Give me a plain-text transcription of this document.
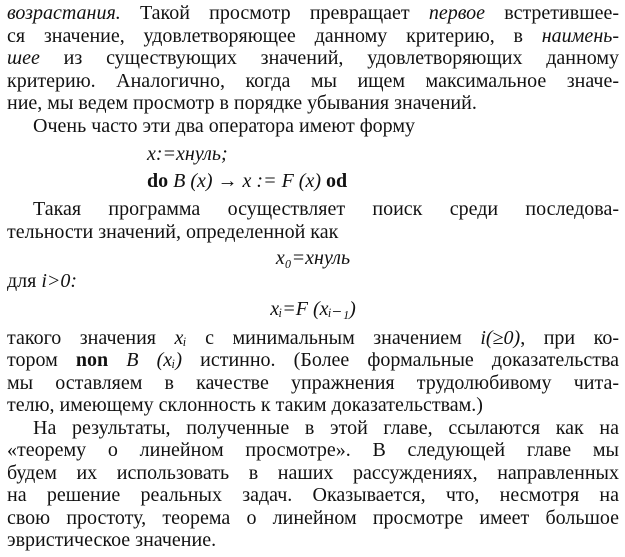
возрастания. Такой просмотр превращает первое встретившее-
ся значение, удовлетворяющее данному критерию, в наимень-
шее из существующих значений, удовлетворяющих данному
критерию. Аналогично, когда мы ищем максимальное значе-
ние, мы ведем просмотр в порядке убывания значений.
Очень часто эти два оператора имеют форму
x:=хнуль;
do B (x) → x := F (x) od
Такая программа осуществляет поиск среди последова-
тельности значений, определенной как
x₀=хнуль
для i>0:
xᵢ=F (xᵢ₋₁)
такого значения xᵢ с минимальным значением i(≥0), при ко-
тором non B (xᵢ) истинно. (Более формальные доказательства
мы оставляем в качестве упражнения трудолюбивому чита-
телю, имеющему склонность к таким доказательствам.)
На результаты, полученные в этой главе, ссылаются как на
«теорему о линейном просмотре». В следующей главе мы
будем их использовать в наших рассуждениях, направленных
на решение реальных задач. Оказывается, что, несмотря на
свою простоту, теорема о линейном просмотре имеет большое
эвристическое значение.
